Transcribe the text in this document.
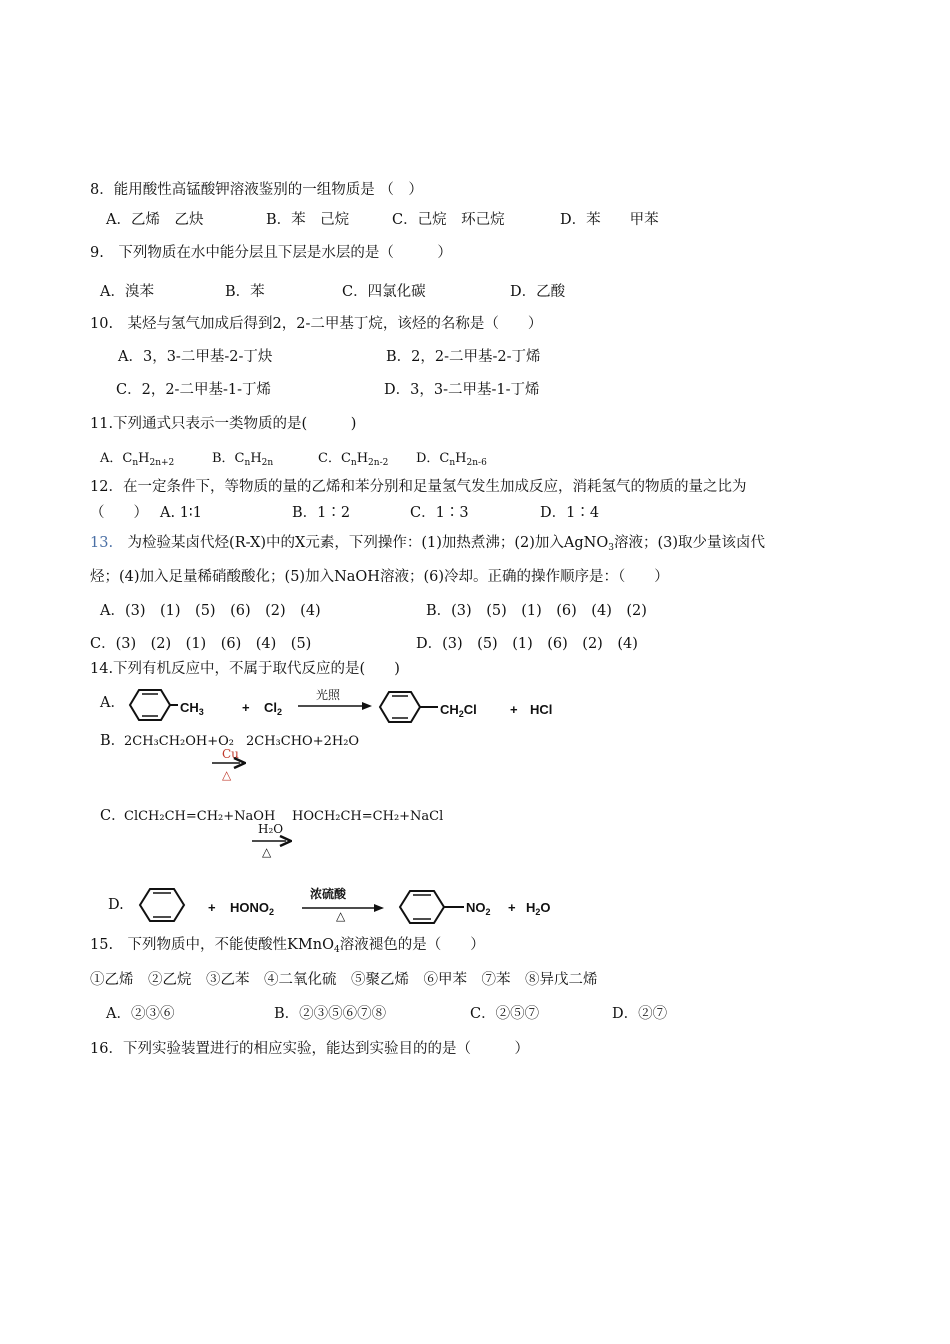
8．能用酸性高锰酸钾溶液鉴别的一组物质是 （　）
A．乙烯　乙炔	B．苯　己烷	C．己烷　环己烷	D．苯　　甲苯
9.　下列物质在水中能分层且下层是水层的是（　　　）
A．溴苯	B．苯	C．四氯化碳	D．乙酸
10.　某烃与氢气加成后得到2，2-二甲基丁烷，该烃的名称是（　　）
A．3，3-二甲基-2-丁炔	B．2，2-二甲基-2-丁烯
C．2，2-二甲基-1-丁烯	D．3，3-二甲基-1-丁烯
11.下列通式只表示一类物质的是(　　　)
A．$C_nH_{2n+2}$	B．$C_nH_{2n}$	C．$C_nH_{2n-2}$ D．$C_nH_{2n-6}$
12．在一定条件下，等物质的量的乙烯和苯分别和足量氢气发生加成反应，消耗氢气的物质的量之比为
（　　） A. 1∶1	B．1∶2	C．1∶3	D．1∶4
13.　为检验某卤代烃(R-X)中的X元素，下列操作：(1)加热煮沸；(2)加入AgNO$_3$溶液；(3)取少量该卤代
烃；(4)加入足量稀硝酸酸化；(5)加入NaOH溶液；(6)冷却。正确的操作顺序是：（　　）
A．(3)　(1)　(5)　(6)　(2)　(4)	B．(3)　(5)　(1)　(6)　(4)　(2)
C．(3)　(2)　(1)　(6)　(4)　(5)	D．(3)　(5)　(1)　(6)　(2)　(4)
14.下列有机反应中，不属于取代反应的是(　　)
A．	$CH_3$	+ $Cl_2$
光照
$CH_2Cl$	+ HCl
B．
2CH₃CH₂OH+O₂ 2CH₃CHO+2H₂O
Cu
△
C．
ClCH₂CH=CH₂+NaOH HOCH₂CH=CH₂+NaCl
H₂O
△
D.	+ $HONO_2$
浓硫酸
△
$NO_2 + H_2O$
15.　下列物质中，不能使酸性KMnO$_4$溶液褪色的是（　　）
①乙烯　②乙烷　③乙苯　④二氧化硫　⑤聚乙烯　⑥甲苯　⑦苯　⑧异戊二烯
A．②③⑥	B．②③⑤⑥⑦⑧	C．②⑤⑦	D．②⑦
16．下列实验装置进行的相应实验，能达到实验目的的是（　　　）
